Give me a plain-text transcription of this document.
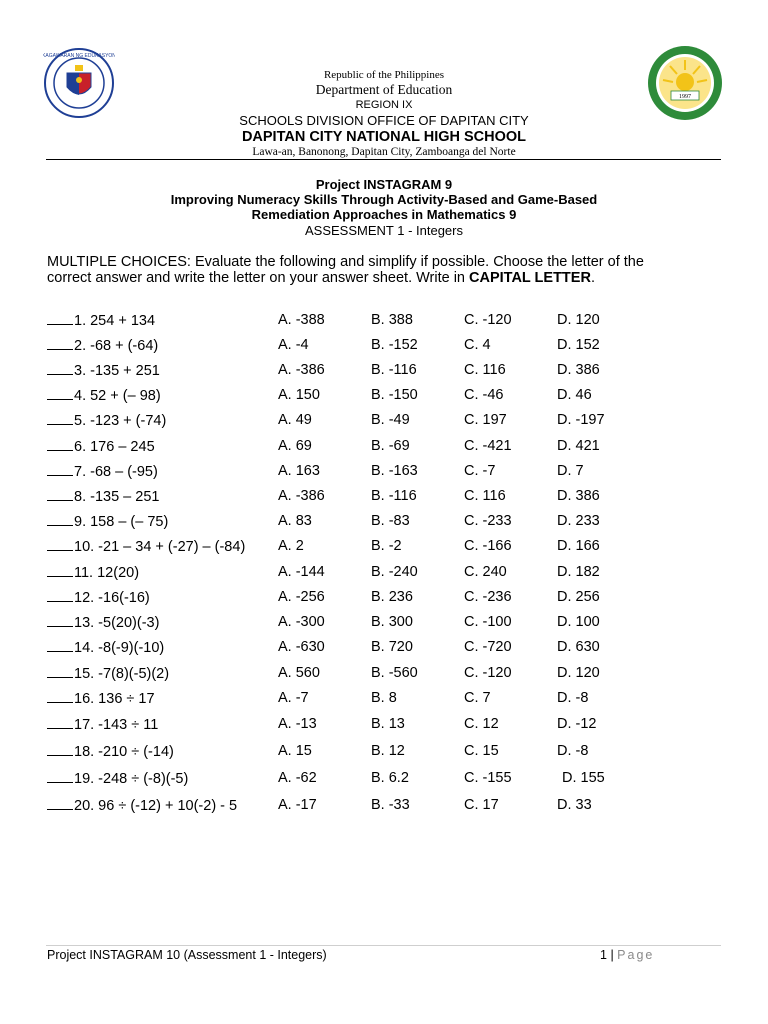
KAGAWARAN NG EDUKASYON
1997
Republic of the Philippines
Department of Education
REGION IX
SCHOOLS DIVISION OFFICE OF DAPITAN CITY
DAPITAN CITY NATIONAL HIGH SCHOOL
Lawa-an, Banonong, Dapitan City, Zamboanga del Norte
Project INSTAGRAM 9
Improving Numeracy Skills Through Activity-Based and Game-Based
Remediation Approaches in Mathematics 9
ASSESSMENT 1 - Integers
MULTIPLE CHOICES: Evaluate the following and simplify if possible. Choose the letter of the correct answer and write the letter on your answer sheet. Write in CAPITAL LETTER.
1. 254 + 134	A. -388	B. 388	C. -120	D. 120
2. -68 + (-64)	A. -4	B. -152	C. 4	D. 152
3. -135 + 251	A. -386	B. -116	C. 116	D. 386
4. 52 + (– 98)	A. 150	B. -150	C. -46	D. 46
5. -123 + (-74)	A. 49	B. -49	C. 197	D. -197
6. 176 – 245	A. 69	B. -69	C. -421	D. 421
7. -68 – (-95)	A. 163	B. -163	C. -7	D. 7
8. -135 – 251	A. -386	B. -116	C. 116	D. 386
9. 158 – (– 75)	A. 83	B. -83	C. -233	D. 233
10. -21 – 34 + (-27) – (-84) A. 2	B. -2	C. -166	D. 166
11. 12(20)	A. -144	B. -240	C. 240	D. 182
12. -16(-16)	A. -256	B. 236	C. -236	D. 256
13. -5(20)(-3)	A. -300	B. 300	C. -100	D. 100
14. -8(-9)(-10)	A. -630	B. 720	C. -720	D. 630
15. -7(8)(-5)(2)	A. 560	B. -560	C. -120	D. 120
16. 136 ÷ 17	A. -7	B. 8	C. 7	D. -8
17. -143 ÷ 11	A. -13	B. 13	C. 12	D. -12
18. -210 ÷ (-14)	A. 15	B. 12	C. 15	D. -8
19. -248 ÷ (-8)(-5)	A. -62	B. 6.2	C. -155	D. 155
20. 96 ÷ (-12) + 10(-2) - 5	A. -17	B. -33	C. 17	D. 33
Project INSTAGRAM 10 (Assessment 1 - Integers)	1 | Page
